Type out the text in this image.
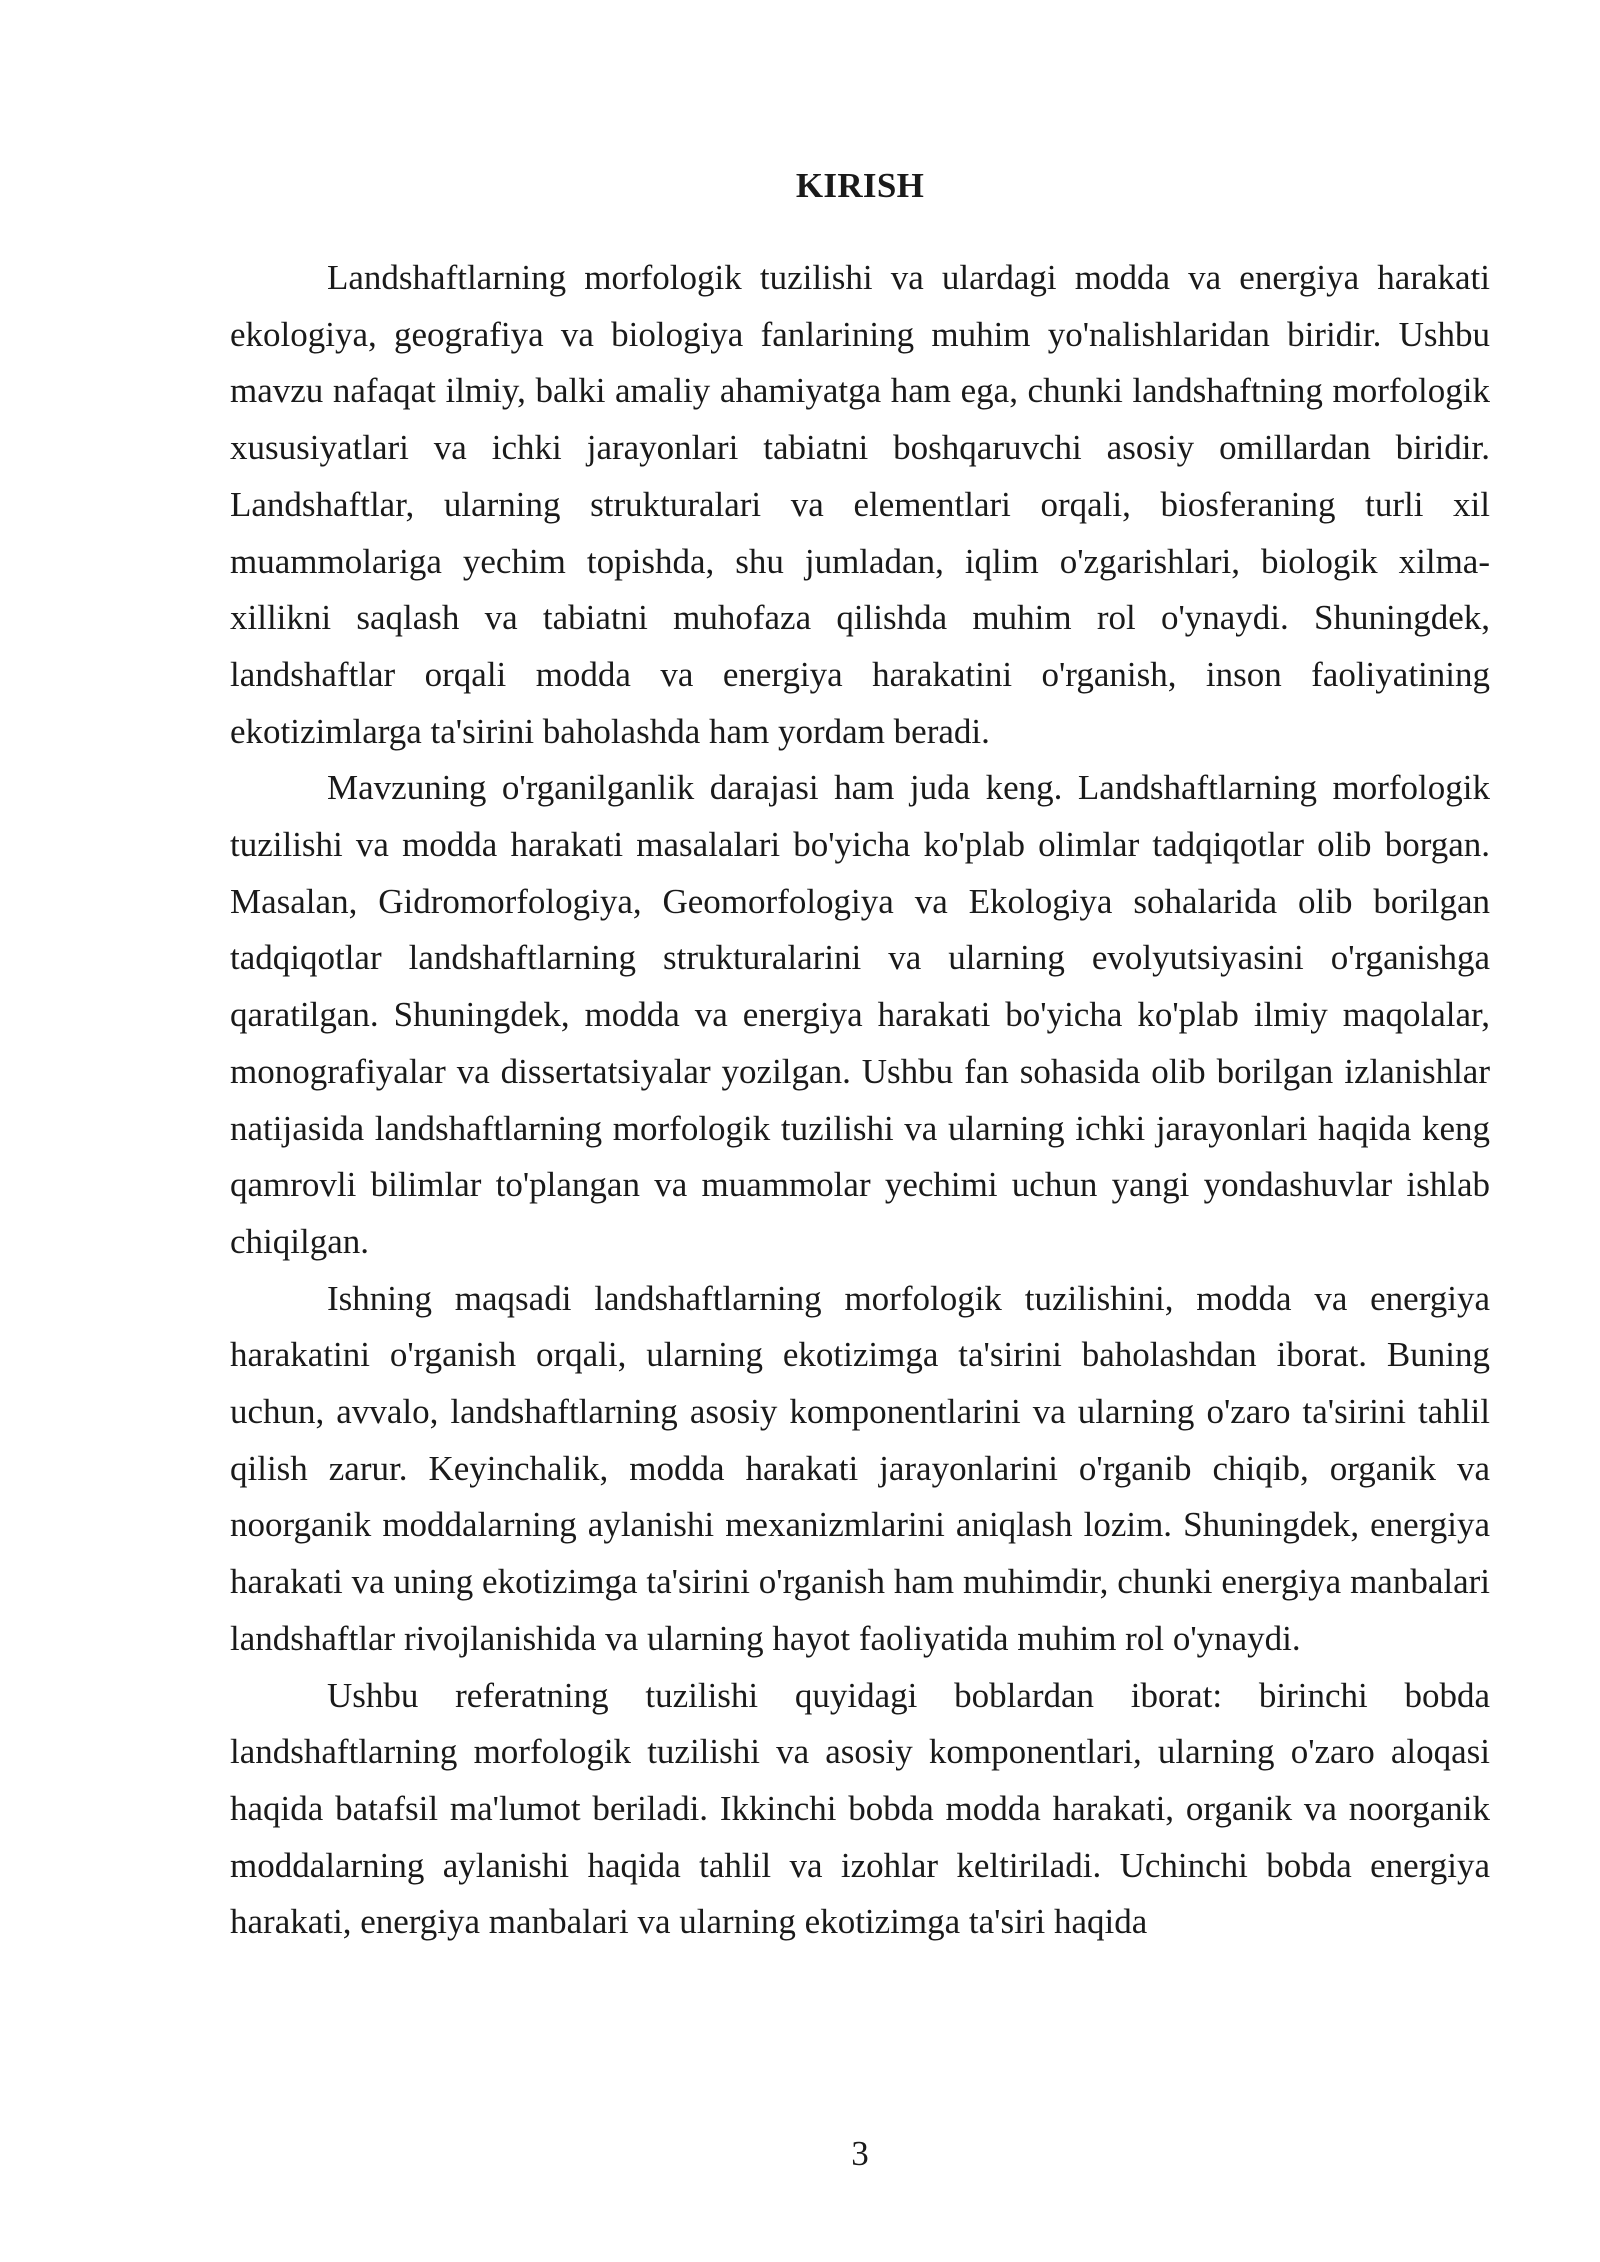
KIRISH

Landshaftlarning morfologik tuzilishi va ulardagi modda va energiya harakati ekologiya, geografiya va biologiya fanlarining muhim yo'nalishlaridan biridir. Ushbu mavzu nafaqat ilmiy, balki amaliy ahamiyatga ham ega, chunki landshaftning morfologik xususiyatlari va ichki jarayonlari tabiatni boshqaruvchi asosiy omillardan biridir. Landshaftlar, ularning strukturalari va elementlari orqali, biosferaning turli xil muammolariga yechim topishda, shu jumladan, iqlim o'zgarishlari, biologik xilma-xillikni saqlash va tabiatni muhofaza qilishda muhim rol o'ynaydi. Shuningdek, landshaftlar orqali modda va energiya harakatini o'rganish, inson faoliyatining ekotizimlarga ta'sirini baholashda ham yordam beradi.

Mavzuning o'rganilganlik darajasi ham juda keng. Landshaftlarning morfologik tuzilishi va modda harakati masalalari bo'yicha ko'plab olimlar tadqiqotlar olib borgan. Masalan, Gidromorfologiya, Geomorfologiya va Ekologiya sohalarida olib borilgan tadqiqotlar landshaftlarning strukturalarini va ularning evolyutsiyasini o'rganishga qaratilgan. Shuningdek, modda va energiya harakati bo'yicha ko'plab ilmiy maqolalar, monografiyalar va dissertatsiyalar yozilgan. Ushbu fan sohasida olib borilgan izlanishlar natijasida landshaftlarning morfologik tuzilishi va ularning ichki jarayonlari haqida keng qamrovli bilimlar to'plangan va muammolar yechimi uchun yangi yondashuvlar ishlab chiqilgan.

Ishning maqsadi landshaftlarning morfologik tuzilishini, modda va energiya harakatini o'rganish orqali, ularning ekotizimga ta'sirini baholashdan iborat. Buning uchun, avvalo, landshaftlarning asosiy komponentlarini va ularning o'zaro ta'sirini tahlil qilish zarur. Keyinchalik, modda harakati jarayonlarini o'rganib chiqib, organik va noorganik moddalarning aylanishi mexanizmlarini aniqlash lozim. Shuningdek, energiya harakati va uning ekotizimga ta'sirini o'rganish ham muhimdir, chunki energiya manbalari landshaftlar rivojlanishida va ularning hayot faoliyatida muhim rol o'ynaydi.

Ushbu referatning tuzilishi quyidagi boblardan iborat: birinchi bobda landshaftlarning morfologik tuzilishi va asosiy komponentlari, ularning o'zaro aloqasi haqida batafsil ma'lumot beriladi. Ikkinchi bobda modda harakati, organik va noorganik moddalarning aylanishi haqida tahlil va izohlar keltiriladi. Uchinchi bobda energiya harakati, energiya manbalari va ularning ekotizimga ta'siri haqida

3
